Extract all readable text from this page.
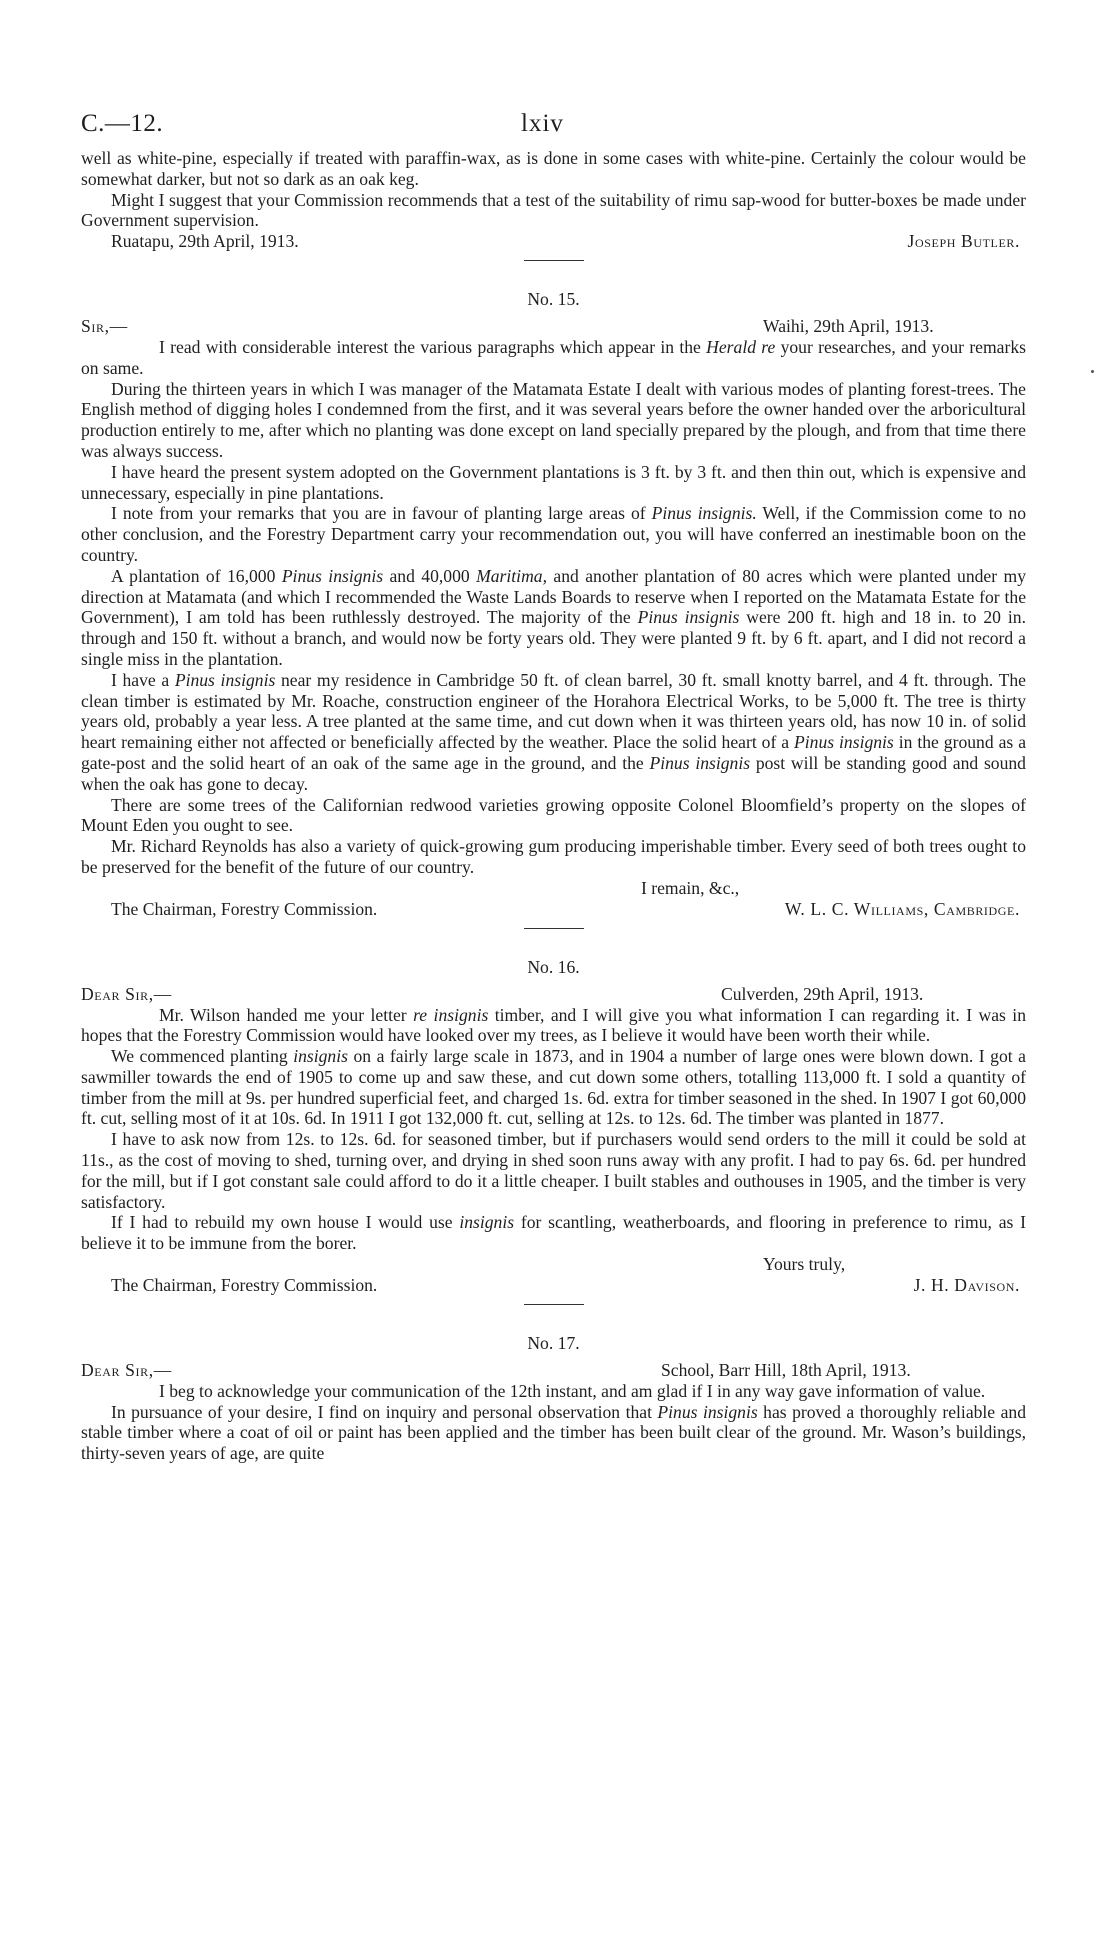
C.—12.	lxiv

well as white-pine, especially if treated with paraffin-wax, as is done in some cases with white-pine. Certainly the colour would be somewhat darker, but not so dark as an oak keg.

Might I suggest that your Commission recommends that a test of the suitability of rimu sap-wood for butter-boxes be made under Government supervision.

Ruatapu, 29th April, 1913.	Joseph Butler.
No. 15.
Sir,—	Waihi, 29th April, 1913.

I read with considerable interest the various paragraphs which appear in the Herald re your researches, and your remarks on same.

During the thirteen years in which I was manager of the Matamata Estate I dealt with various modes of planting forest-trees. The English method of digging holes I condemned from the first, and it was several years before the owner handed over the arboricultural production entirely to me, after which no planting was done except on land specially prepared by the plough, and from that time there was always success.

I have heard the present system adopted on the Government plantations is 3 ft. by 3 ft. and then thin out, which is expensive and unnecessary, especially in pine plantations.

I note from your remarks that you are in favour of planting large areas of Pinus insignis. Well, if the Commission come to no other conclusion, and the Forestry Department carry your recommendation out, you will have conferred an inestimable boon on the country.

A plantation of 16,000 Pinus insignis and 40,000 Maritima, and another plantation of 80 acres which were planted under my direction at Matamata (and which I recommended the Waste Lands Boards to reserve when I reported on the Matamata Estate for the Government), I am told has been ruthlessly destroyed. The majority of the Pinus insignis were 200 ft. high and 18 in. to 20 in. through and 150 ft. without a branch, and would now be forty years old. They were planted 9 ft. by 6 ft. apart, and I did not record a single miss in the plantation.

I have a Pinus insignis near my residence in Cambridge 50 ft. of clean barrel, 30 ft. small knotty barrel, and 4 ft. through. The clean timber is estimated by Mr. Roache, construction engineer of the Horahora Electrical Works, to be 5,000 ft. The tree is thirty years old, probably a year less. A tree planted at the same time, and cut down when it was thirteen years old, has now 10 in. of solid heart remaining either not affected or beneficially affected by the weather. Place the solid heart of a Pinus insignis in the ground as a gate-post and the solid heart of an oak of the same age in the ground, and the Pinus insignis post will be standing good and sound when the oak has gone to decay.

There are some trees of the Californian redwood varieties growing opposite Colonel Bloomfield’s property on the slopes of Mount Eden you ought to see.

Mr. Richard Reynolds has also a variety of quick-growing gum producing imperishable timber. Every seed of both trees ought to be preserved for the benefit of the future of our country.

I remain, &c.,
The Chairman, Forestry Commission.	W. L. C. Williams, Cambridge.
No. 16.
Dear Sir,—	Culverden, 29th April, 1913.

Mr. Wilson handed me your letter re insignis timber, and I will give you what information I can regarding it. I was in hopes that the Forestry Commission would have looked over my trees, as I believe it would have been worth their while.

We commenced planting insignis on a fairly large scale in 1873, and in 1904 a number of large ones were blown down. I got a sawmiller towards the end of 1905 to come up and saw these, and cut down some others, totalling 113,000 ft. I sold a quantity of timber from the mill at 9s. per hundred superficial feet, and charged 1s. 6d. extra for timber seasoned in the shed. In 1907 I got 60,000 ft. cut, selling most of it at 10s. 6d. In 1911 I got 132,000 ft. cut, selling at 12s. to 12s. 6d. The timber was planted in 1877.

I have to ask now from 12s. to 12s. 6d. for seasoned timber, but if purchasers would send orders to the mill it could be sold at 11s., as the cost of moving to shed, turning over, and drying in shed soon runs away with any profit. I had to pay 6s. 6d. per hundred for the mill, but if I got constant sale could afford to do it a little cheaper. I built stables and outhouses in 1905, and the timber is very satisfactory.

If I had to rebuild my own house I would use insignis for scantling, weatherboards, and flooring in preference to rimu, as I believe it to be immune from the borer.

Yours truly,
The Chairman, Forestry Commission.	J. H. Davison.
No. 17.
Dear Sir,—	School, Barr Hill, 18th April, 1913.

I beg to acknowledge your communication of the 12th instant, and am glad if I in any way gave information of value.

In pursuance of your desire, I find on inquiry and personal observation that Pinus insignis has proved a thoroughly reliable and stable timber where a coat of oil or paint has been applied and the timber has been built clear of the ground. Mr. Wason’s buildings, thirty-seven years of age, are quite
